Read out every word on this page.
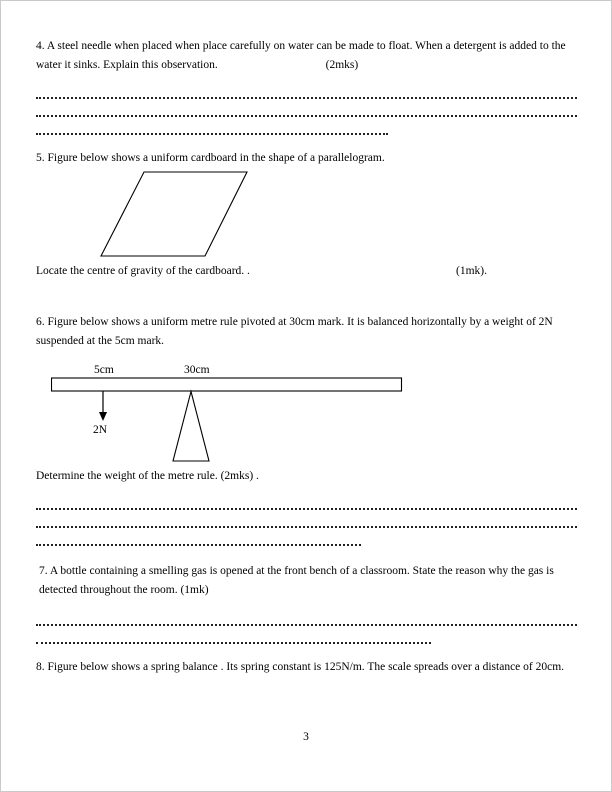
4. A steel needle when placed when place carefully on water can be made to float. When a detergent is added to the water it sinks. Explain this observation.	(2mks)

5. Figure below shows a uniform cardboard in the shape of a parallelogram.

Locate the centre of gravity of the cardboard. .	(1mk).

6. Figure below shows a uniform metre rule pivoted at 30cm mark. It is balanced horizontally by a weight of 2N suspended at the 5cm mark.

5cm	30cm
2N

Determine the weight of the metre rule. (2mks) .

7. A bottle containing a smelling gas is opened at the front bench of a classroom. State the reason why the gas is detected throughout the room. (1mk)

8. Figure below shows a spring balance . Its spring constant is 125N/m. The scale spreads over a distance of 20cm.

3
